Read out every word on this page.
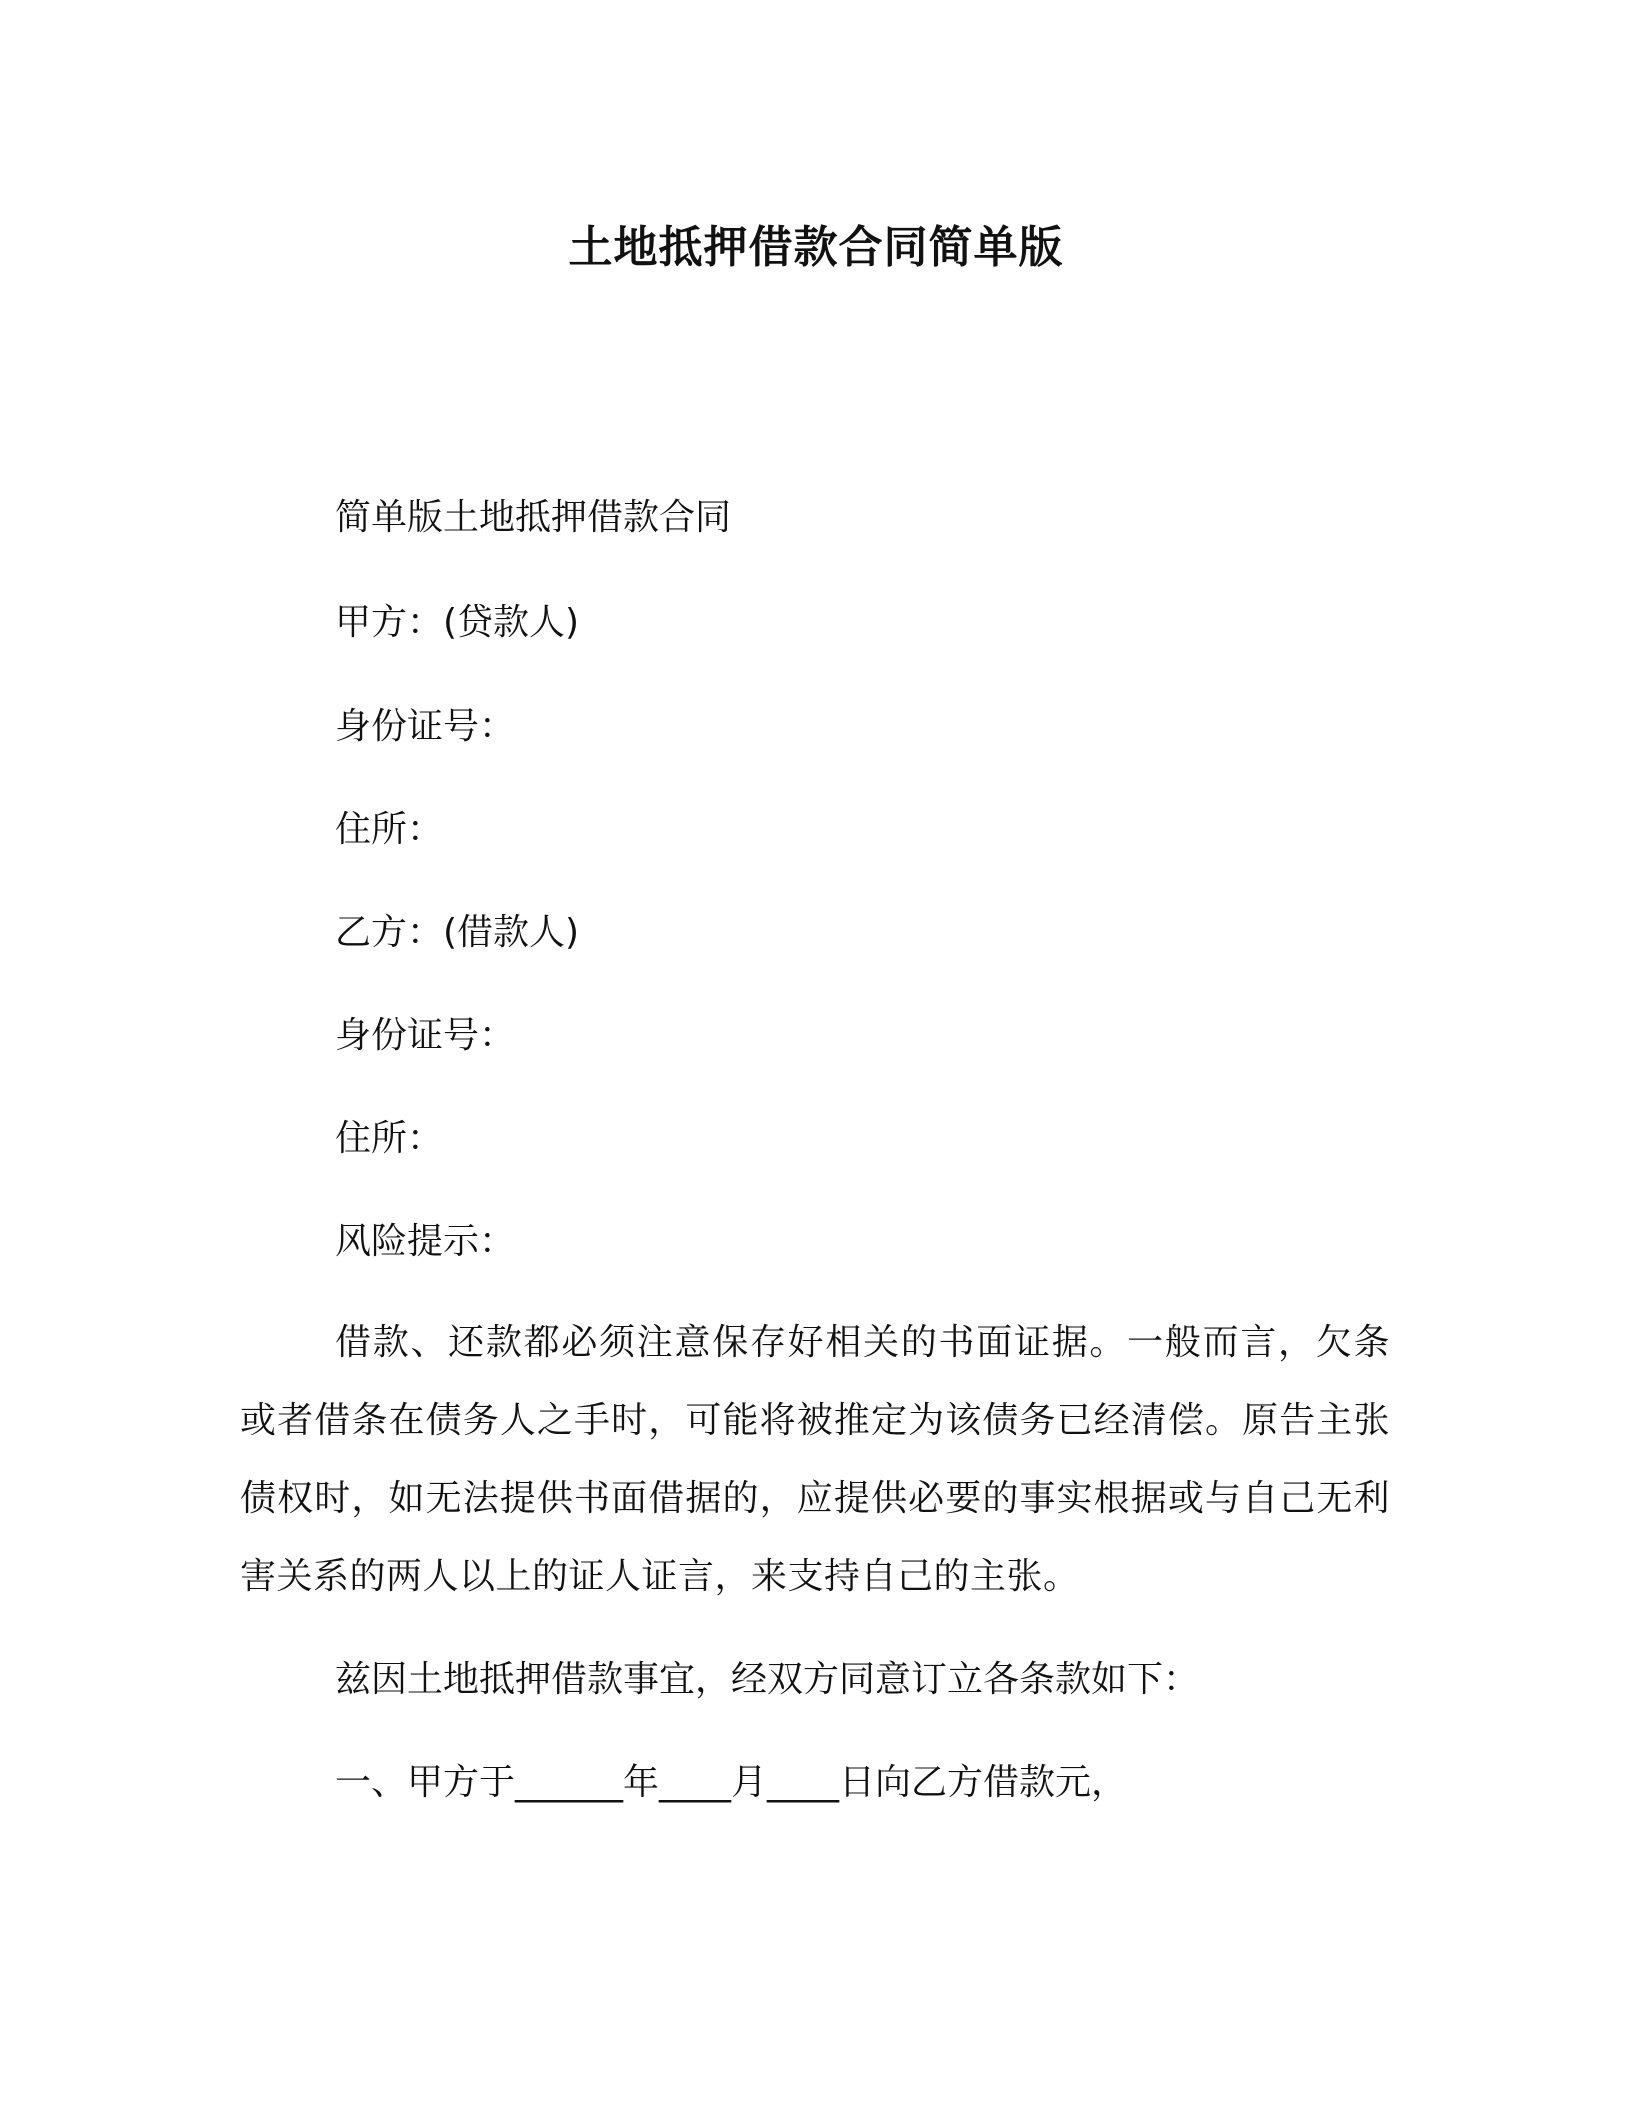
土地抵押借款合同简单版
简单版土地抵押借款合同
甲方：(贷款人)
身份证号：
住所：
乙方：(借款人)
身份证号：
住所：
风险提示：
借款、还款都必须注意保存好相关的书面证据。一般而言，欠条或者借条在债务人之手时，可能将被推定为该债务已经清偿。原告主张债权时，如无法提供书面借据的，应提供必要的事实根据或与自己无利害关系的两人以上的证人证言，来支持自己的主张。
兹因土地抵押借款事宜，经双方同意订立各条款如下：
一、甲方于______年____月____日向乙方借款元，
